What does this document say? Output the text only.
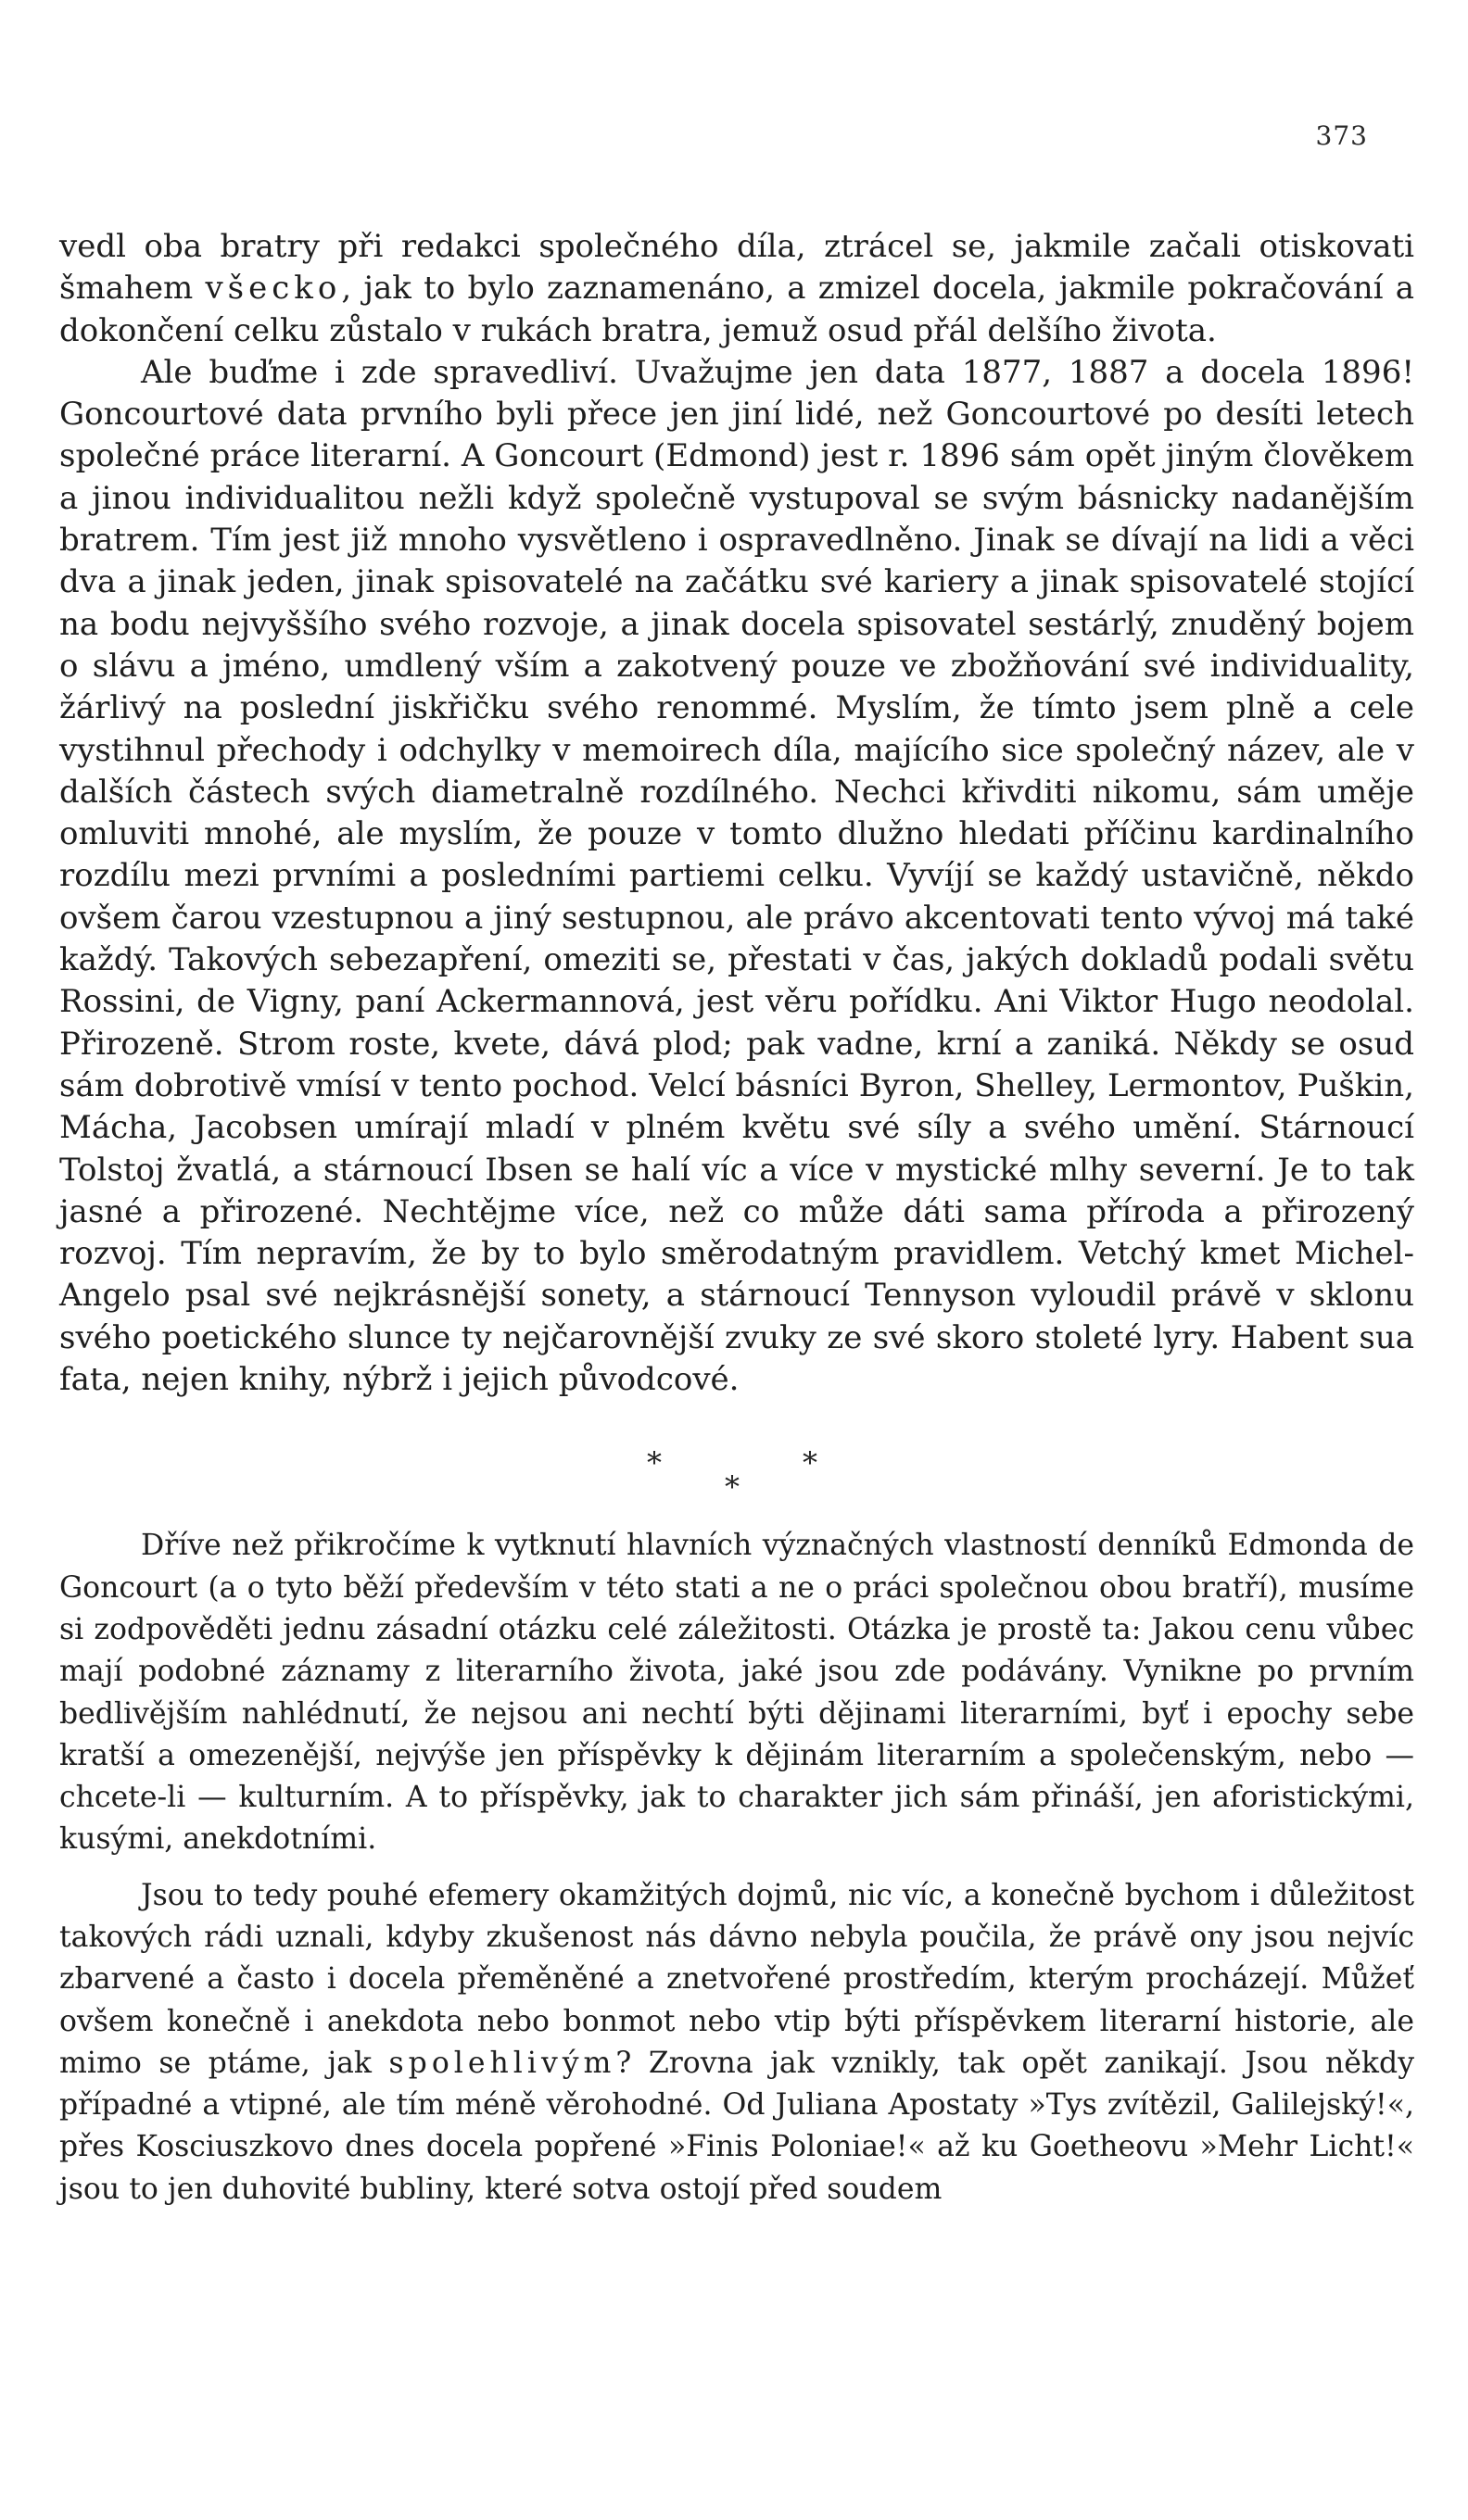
373

vedl oba bratry při redakci společného díla, ztrácel se, jakmile začali otiskovati šmahem všecko, jak to bylo zaznamenáno, a zmizel docela, jakmile pokračování a dokončení celku zůstalo v rukách bratra, jemuž osud přál delšího života.

Ale buďme i zde spravedliví. Uvažujme jen data 1877, 1887 a docela 1896! Goncourtové data prvního byli přece jen jiní lidé, než Goncourtové po desíti letech společné práce literarní. A Goncourt (Edmond) jest r. 1896 sám opět jiným člověkem a jinou individualitou nežli když společně vystupoval se svým básnicky nadanějším bratrem. Tím jest již mnoho vysvětleno i ospravedlněno. Jinak se dívají na lidi a věci dva a jinak jeden, jinak spisovatelé na začátku své kariery a jinak spisovatelé stojící na bodu nejvyššího svého rozvoje, a jinak docela spisovatel sestárlý, znuděný bojem o slávu a jméno, umdlený vším a zakotvený pouze ve zbožňování své individuality, žárlivý na poslední jiskřičku svého renommé. Myslím, že tímto jsem plně a cele vystihnul přechody i odchylky v memoirech díla, majícího sice společný název, ale v dalších částech svých diametralně rozdílného. Nechci křivditi nikomu, sám uměje omluviti mnohé, ale myslím, že pouze v tomto dlužno hledati příčinu kardinalního rozdílu mezi prvními a posledními partiemi celku. Vyvíjí se každý ustavičně, někdo ovšem čarou vzestupnou a jiný sestupnou, ale právo akcentovati tento vývoj má také každý. Takových sebezapření, omeziti se, přestati v čas, jakých dokladů podali světu Rossini, de Vigny, paní Ackermannová, jest věru pořídku. Ani Viktor Hugo neodolal. Přirozeně. Strom roste, kvete, dává plod; pak vadne, krní a zaniká. Někdy se osud sám dobrotivě vmísí v tento pochod. Velcí básníci Byron, Shelley, Lermontov, Puškin, Mácha, Jacobsen umírají mladí v plném květu své síly a svého umění. Stárnoucí Tolstoj žvatlá, a stárnoucí Ibsen se halí víc a více v mystické mlhy severní. Je to tak jasné a přirozené. Nechtějme více, než co může dáti sama příroda a přirozený rozvoj. Tím nepravím, že by to bylo směrodatným pravidlem. Vetchý kmet Michel-Angelo psal své nejkrásnější sonety, a stárnoucí Tennyson vyloudil právě v sklonu svého poetického slunce ty nejčarovnější zvuky ze své skoro stoleté lyry. Habent sua fata, nejen knihy, nýbrž i jejich původcové.

*	*
*

Dříve než přikročíme k vytknutí hlavních význačných vlastností denníků Edmonda de Goncourt (a o tyto běží především v této stati a ne o práci společnou obou bratří), musíme si zodpověděti jednu zásadní otázku celé záležitosti. Otázka je prostě ta: Jakou cenu vůbec mají podobné záznamy z literarního života, jaké jsou zde podávány. Vynikne po prvním bedlivějším nahlédnutí, že nejsou ani nechtí býti dějinami literarními, byť i epochy sebe kratší a omezenější, nejvýše jen příspěvky k dějinám literarním a společenským, nebo — chcete-li — kulturním. A to příspěvky, jak to charakter jich sám přináší, jen aforistickými, kusými, anekdotními.

Jsou to tedy pouhé efemery okamžitých dojmů, nic víc, a konečně bychom i důležitost takových rádi uznali, kdyby zkušenost nás dávno nebyla poučila, že právě ony jsou nejvíc zbarvené a často i docela přeměněné a znetvořené prostředím, kterým procházejí. Můžeť ovšem konečně i anekdota nebo bonmot nebo vtip býti příspěvkem literarní historie, ale mimo se ptáme, jak spolehlivým? Zrovna jak vznikly, tak opět zanikají. Jsou někdy případné a vtipné, ale tím méně věrohodné. Od Juliana Apostaty »Tys zvítězil, Galilejský!«, přes Kosciuszkovo dnes docela popřené »Finis Poloniae!« až ku Goetheovu »Mehr Licht!« jsou to jen duhovité bubliny, které sotva ostojí před soudem
